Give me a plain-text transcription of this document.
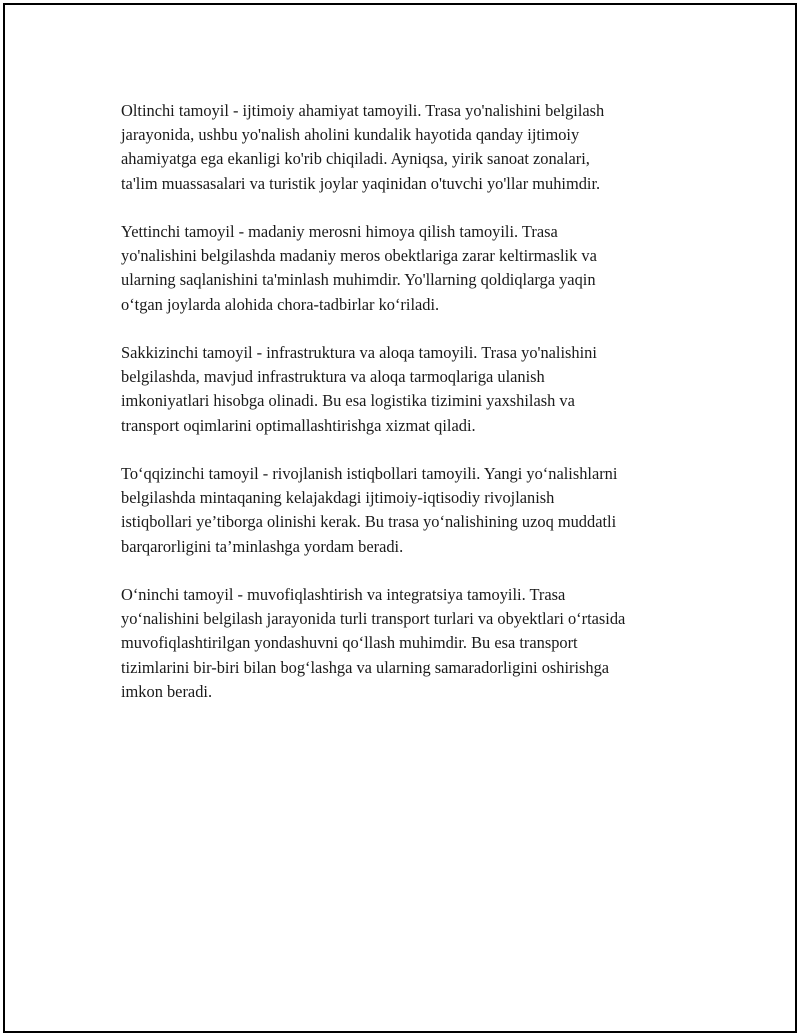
Oltinchi tamoyil - ijtimoiy ahamiyat tamoyili. Trasa yo'nalishini belgilash
jarayonida, ushbu yo'nalish aholini kundalik hayotida qanday ijtimoiy
ahamiyatga ega ekanligi ko'rib chiqiladi. Ayniqsa, yirik sanoat zonalari,
ta'lim muassasalari va turistik joylar yaqinidan o'tuvchi yo'llar muhimdir.

Yettinchi tamoyil - madaniy merosni himoya qilish tamoyili. Trasa
yo'nalishini belgilashda madaniy meros obektlariga zarar keltirmaslik va
ularning saqlanishini ta'minlash muhimdir. Yo'llarning qoldiqlarga yaqin
o‘tgan joylarda alohida chora-tadbirlar ko‘riladi.

Sakkizinchi tamoyil - infrastruktura va aloqa tamoyili. Trasa yo'nalishini
belgilashda, mavjud infrastruktura va aloqa tarmoqlariga ulanish
imkoniyatlari hisobga olinadi. Bu esa logistika tizimini yaxshilash va
transport oqimlarini optimallashtirishga xizmat qiladi.

To‘qqizinchi tamoyil - rivojlanish istiqbollari tamoyili. Yangi yo‘nalishlarni
belgilashda mintaqaning kelajakdagi ijtimoiy-iqtisodiy rivojlanish
istiqbollari ye’tiborga olinishi kerak. Bu trasa yo‘nalishining uzoq muddatli
barqarorligini ta’minlashga yordam beradi.

O‘ninchi tamoyil - muvofiqlashtirish va integratsiya tamoyili. Trasa
yo‘nalishini belgilash jarayonida turli transport turlari va obyektlari o‘rtasida
muvofiqlashtirilgan yondashuvni qo‘llash muhimdir. Bu esa transport
tizimlarini bir-biri bilan bog‘lashga va ularning samaradorligini oshirishga
imkon beradi.
